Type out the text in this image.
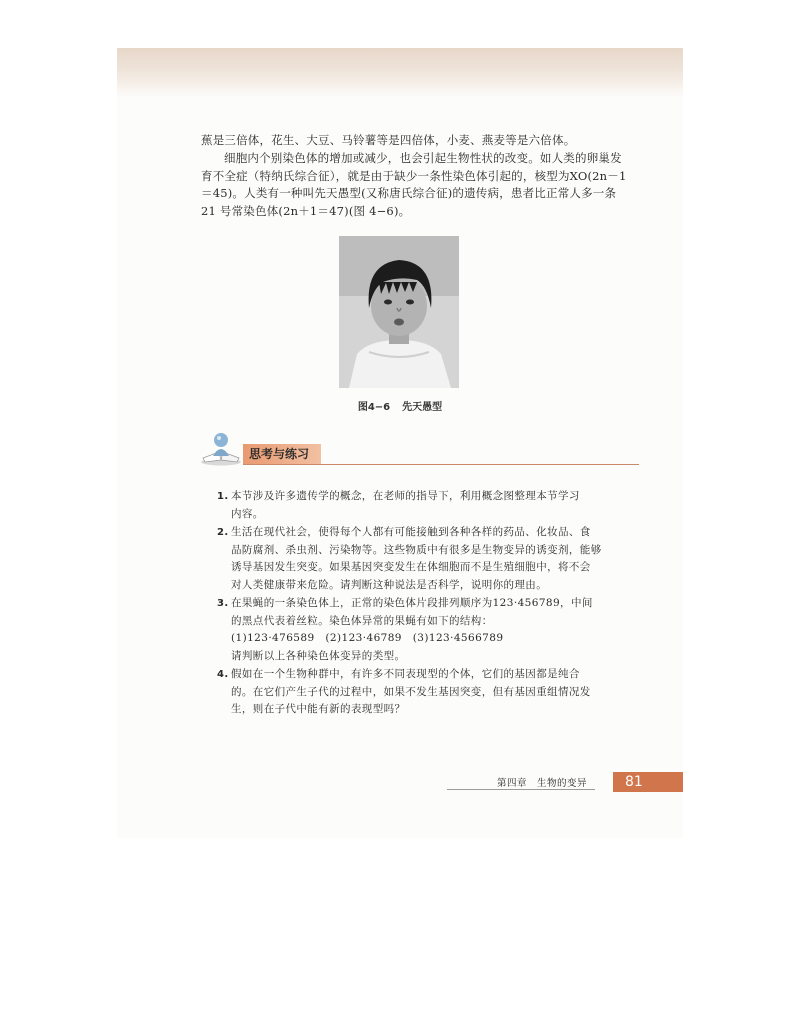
蕉是三倍体，花生、大豆、马铃薯等是四倍体，小麦、燕麦等是六倍体。

细胞内个别染色体的增加或减少，也会引起生物性状的改变。如人类的卵巢发育不全症（特纳氏综合征），就是由于缺少一条性染色体引起的，核型为XO(2n－1＝45)。人类有一种叫先天愚型(又称唐氏综合征)的遗传病，患者比正常人多一条 21 号常染色体(2n＋1＝47)(图 4−6)。

图4−6 先天愚型
思考与练习
1. 本节涉及许多遗传学的概念，在老师的指导下，利用概念图整理本节学习
内容。
2. 生活在现代社会，使得每个人都有可能接触到各种各样的药品、化妆品、食
品防腐剂、杀虫剂、污染物等。这些物质中有很多是生物变异的诱变剂，能够
诱导基因发生突变。如果基因突变发生在体细胞而不是生殖细胞中，将不会
对人类健康带来危险。请判断这种说法是否科学，说明你的理由。
3. 在果蝇的一条染色体上，正常的染色体片段排列顺序为123·456789，中间
的黑点代表着丝粒。染色体异常的果蝇有如下的结构：
(1)123·476589　(2)123·46789　(3)123·4566789
请判断以上各种染色体变异的类型。
4. 假如在一个生物种群中，有许多不同表现型的个体，它们的基因都是纯合
的。在它们产生子代的过程中，如果不发生基因突变，但有基因重组情况发
生，则在子代中能有新的表现型吗？
第四章 生物的变异	81
